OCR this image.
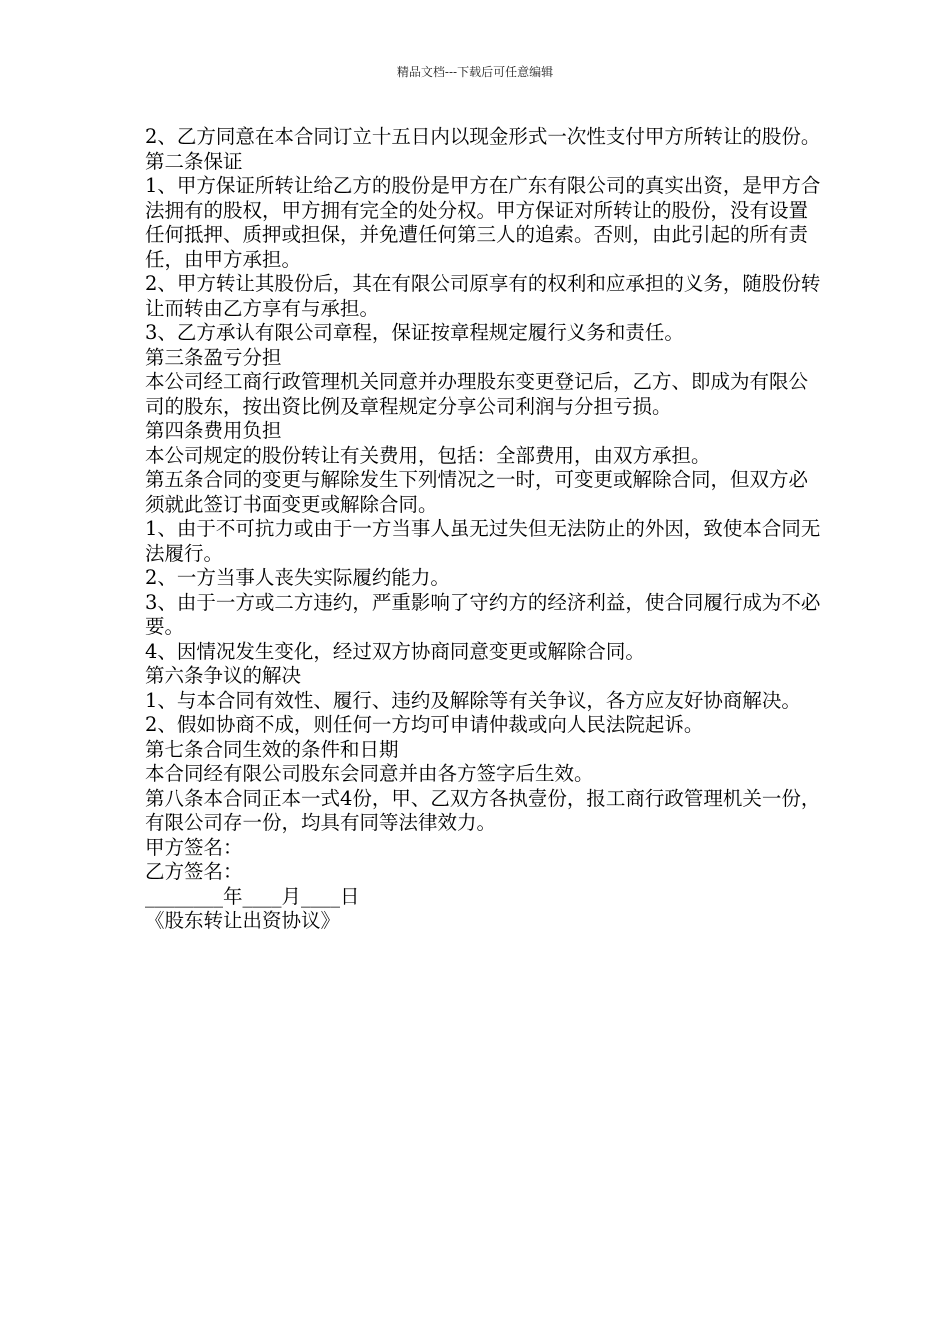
精品文档---下载后可任意编辑

2、乙方同意在本合同订立十五日内以现金形式一次性支付甲方所转让的股份。

第二条保证

1、甲方保证所转让给乙方的股份是甲方在广东有限公司的真实出资，是甲方合法拥有的股权，甲方拥有完全的处分权。甲方保证对所转让的股份，没有设置任何抵押、质押或担保，并免遭任何第三人的追索。否则，由此引起的所有责任，由甲方承担。

2、甲方转让其股份后，其在有限公司原享有的权利和应承担的义务，随股份转让而转由乙方享有与承担。

3、乙方承认有限公司章程，保证按章程规定履行义务和责任。

第三条盈亏分担

本公司经工商行政管理机关同意并办理股东变更登记后，乙方、即成为有限公司的股东，按出资比例及章程规定分享公司利润与分担亏损。

第四条费用负担

本公司规定的股份转让有关费用，包括：全部费用，由双方承担。

第五条合同的变更与解除发生下列情况之一时，可变更或解除合同，但双方必须就此签订书面变更或解除合同。

1、由于不可抗力或由于一方当事人虽无过失但无法防止的外因，致使本合同无法履行。

2、一方当事人丧失实际履约能力。

3、由于一方或二方违约，严重影响了守约方的经济利益，使合同履行成为不必要。

4、因情况发生变化，经过双方协商同意变更或解除合同。

第六条争议的解决

1、与本合同有效性、履行、违约及解除等有关争议，各方应友好协商解决。

2、假如协商不成，则任何一方均可申请仲裁或向人民法院起诉。

第七条合同生效的条件和日期

本合同经有限公司股东会同意并由各方签字后生效。

第八条本合同正本一式4份，甲、乙双方各执壹份，报工商行政管理机关一份，有限公司存一份，均具有同等法律效力。

甲方签名：

乙方签名：

________年____月____日

《股东转让出资协议》
